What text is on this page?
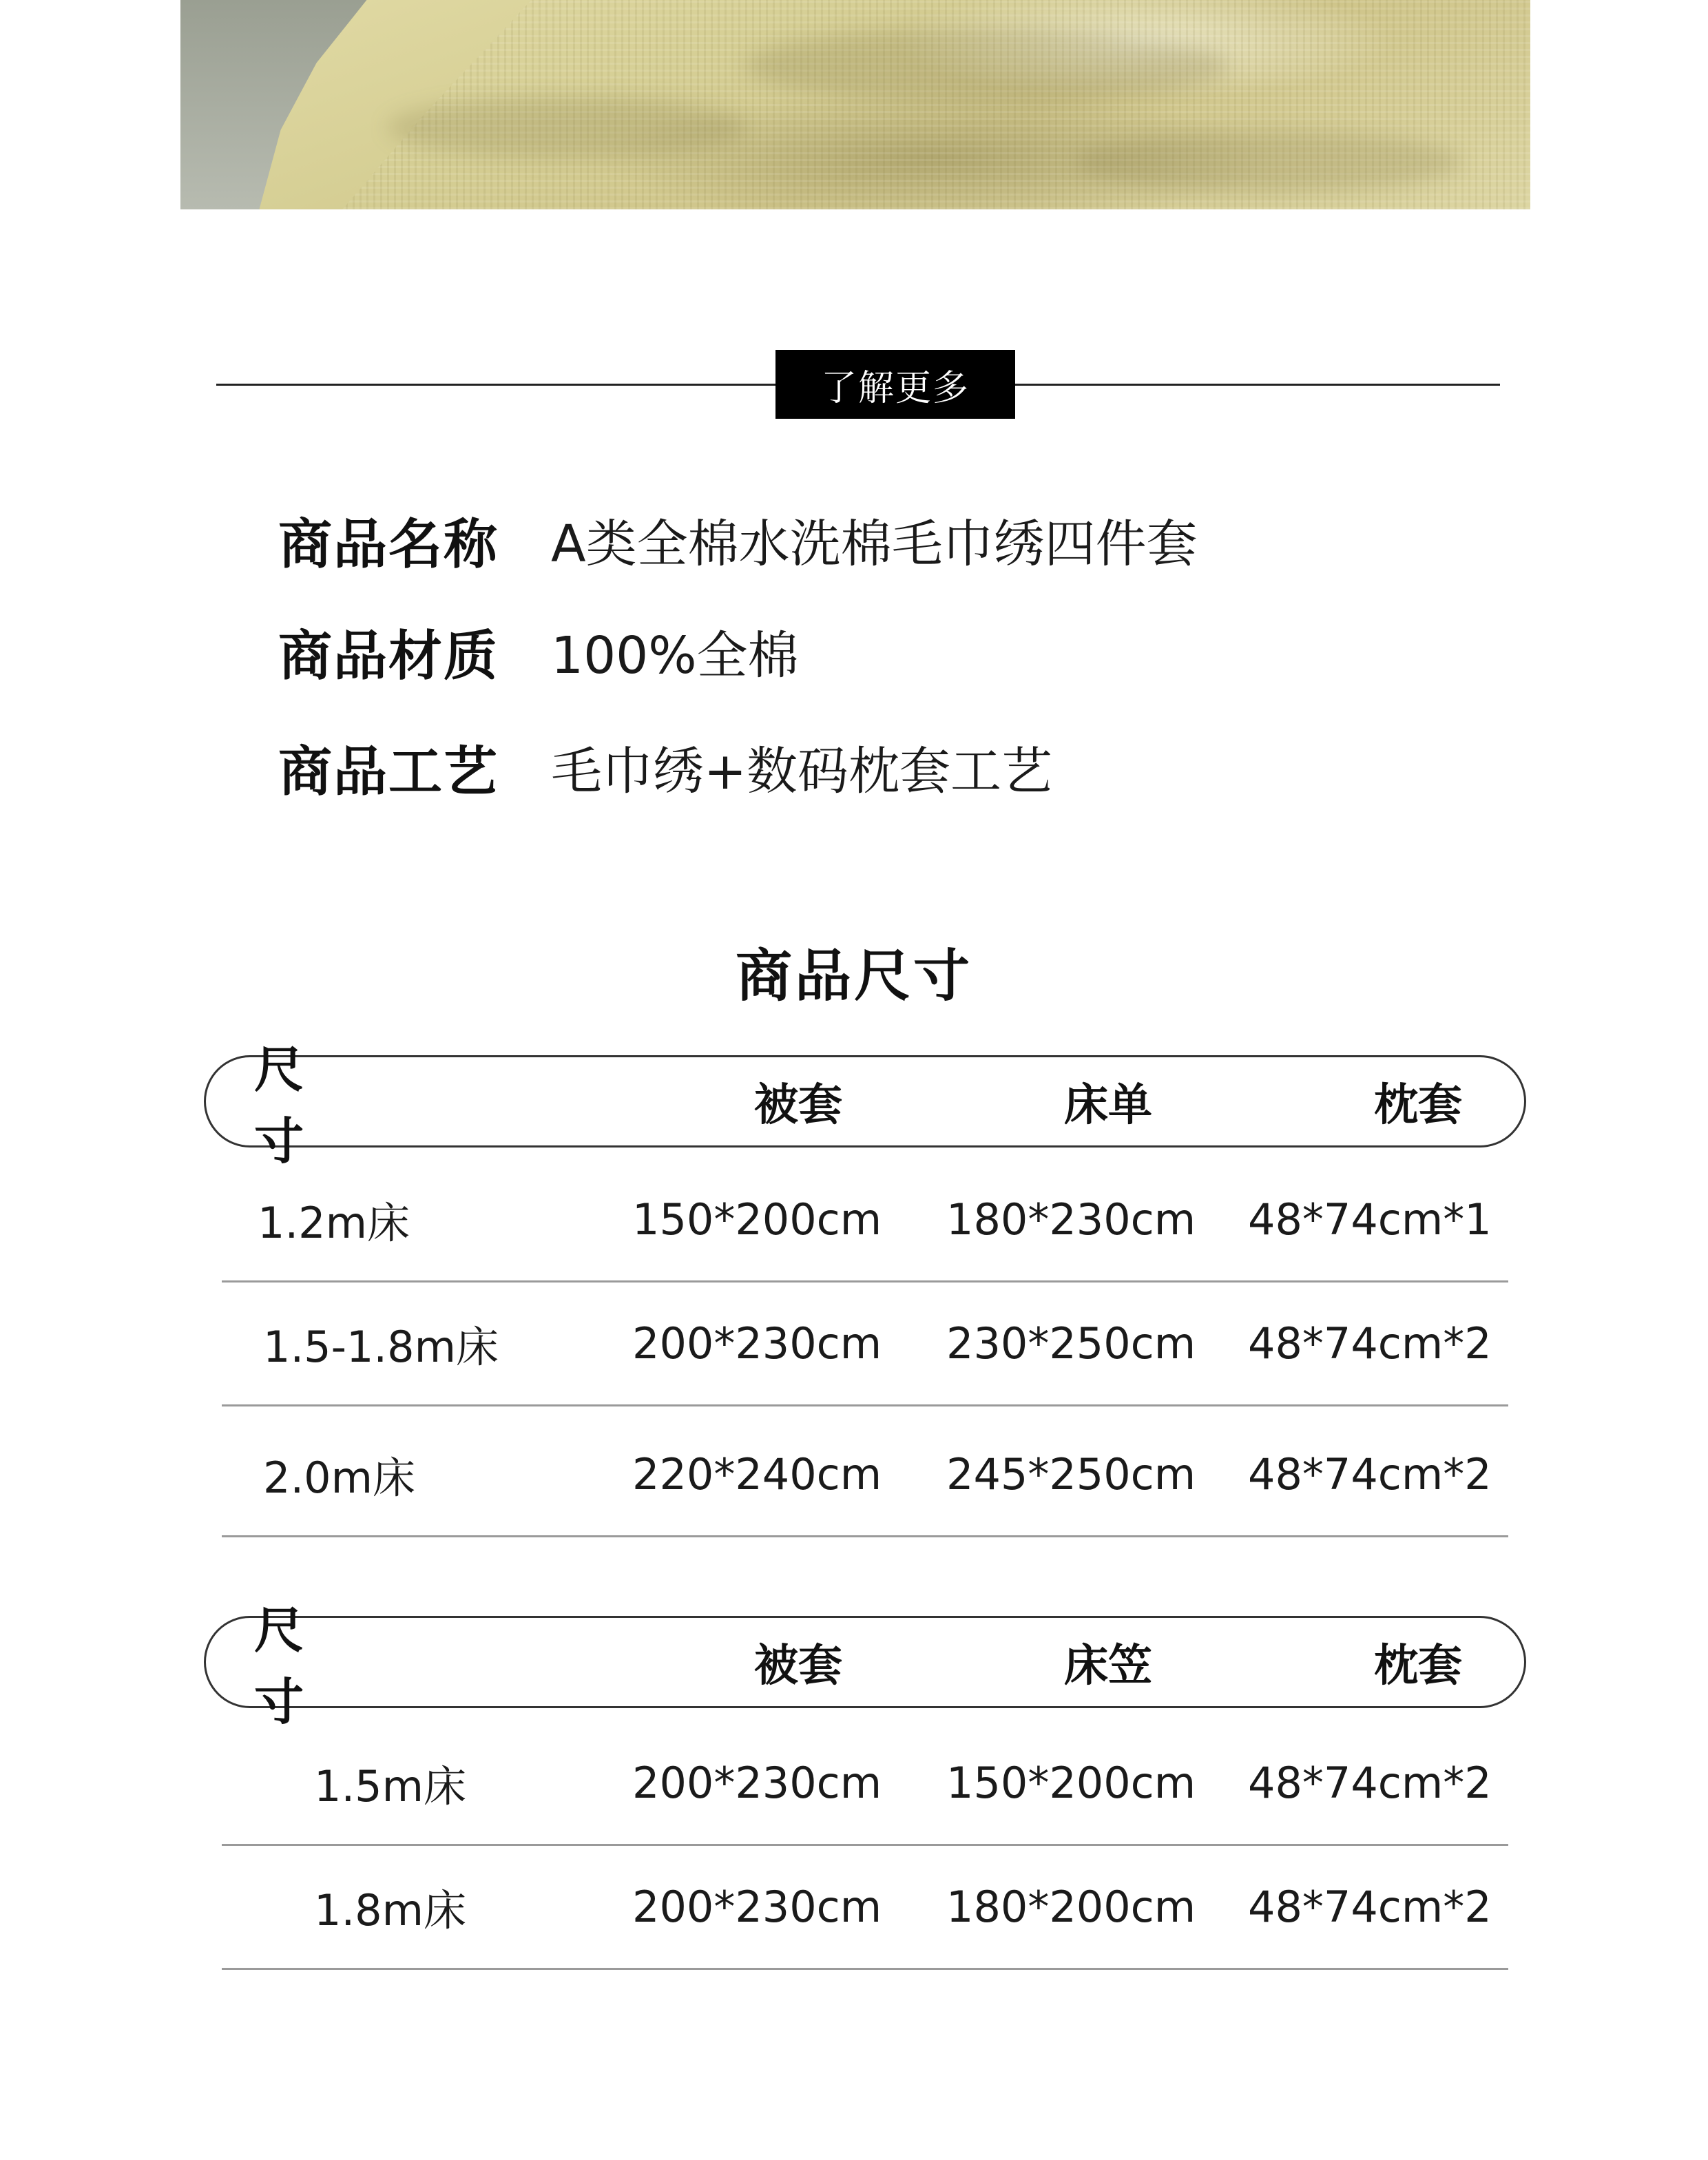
了解更多
商品名称	A类全棉水洗棉毛巾绣四件套
商品材质	100%全棉
商品工艺	毛巾绣+数码枕套工艺
商品尺寸
尺 寸
被套	床单	枕套
1.2m床	150*200cm 180*230cm 48*74cm*1
1.5-1.8m床	200*230cm 230*250cm 48*74cm*2
2.0m床	220*240cm 245*250cm 48*74cm*2
尺 寸
被套	床笠	枕套
1.5m床	200*230cm 150*200cm 48*74cm*2
1.8m床	200*230cm 180*200cm 48*74cm*2
